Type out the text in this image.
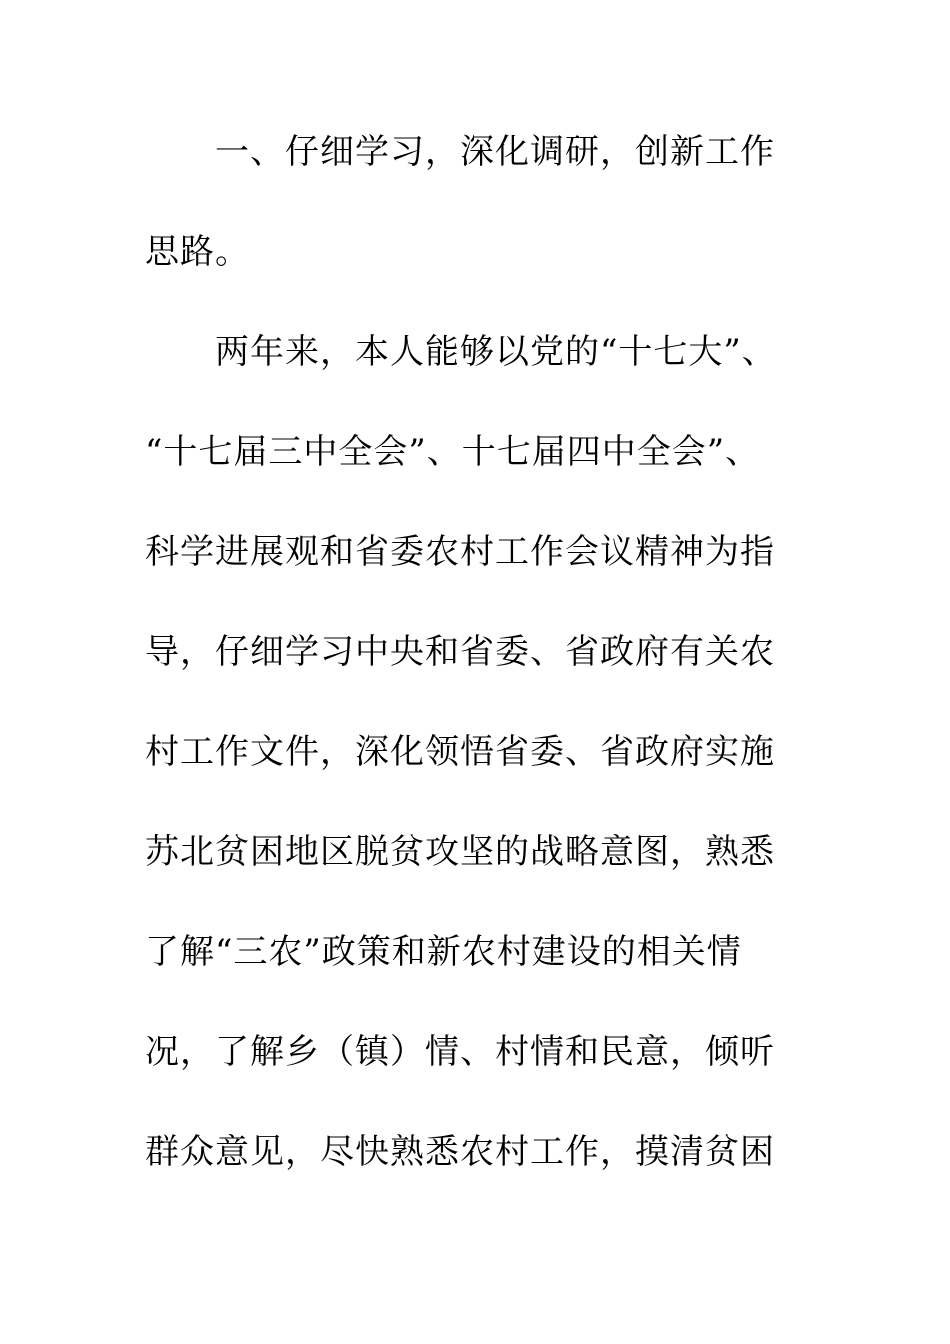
一、仔细学习，深化调研，创新工作
思路。
两年来，本人能够以党的“十七大”、
“十七届三中全会”、十七届四中全会”、
科学进展观和省委农村工作会议精神为指
导，仔细学习中央和省委、省政府有关农
村工作文件，深化领悟省委、省政府实施
苏北贫困地区脱贫攻坚的战略意图，熟悉
了解“三农”政策和新农村建设的相关情
况，了解乡（镇）情、村情和民意，倾听
群众意见，尽快熟悉农村工作，摸清贫困
